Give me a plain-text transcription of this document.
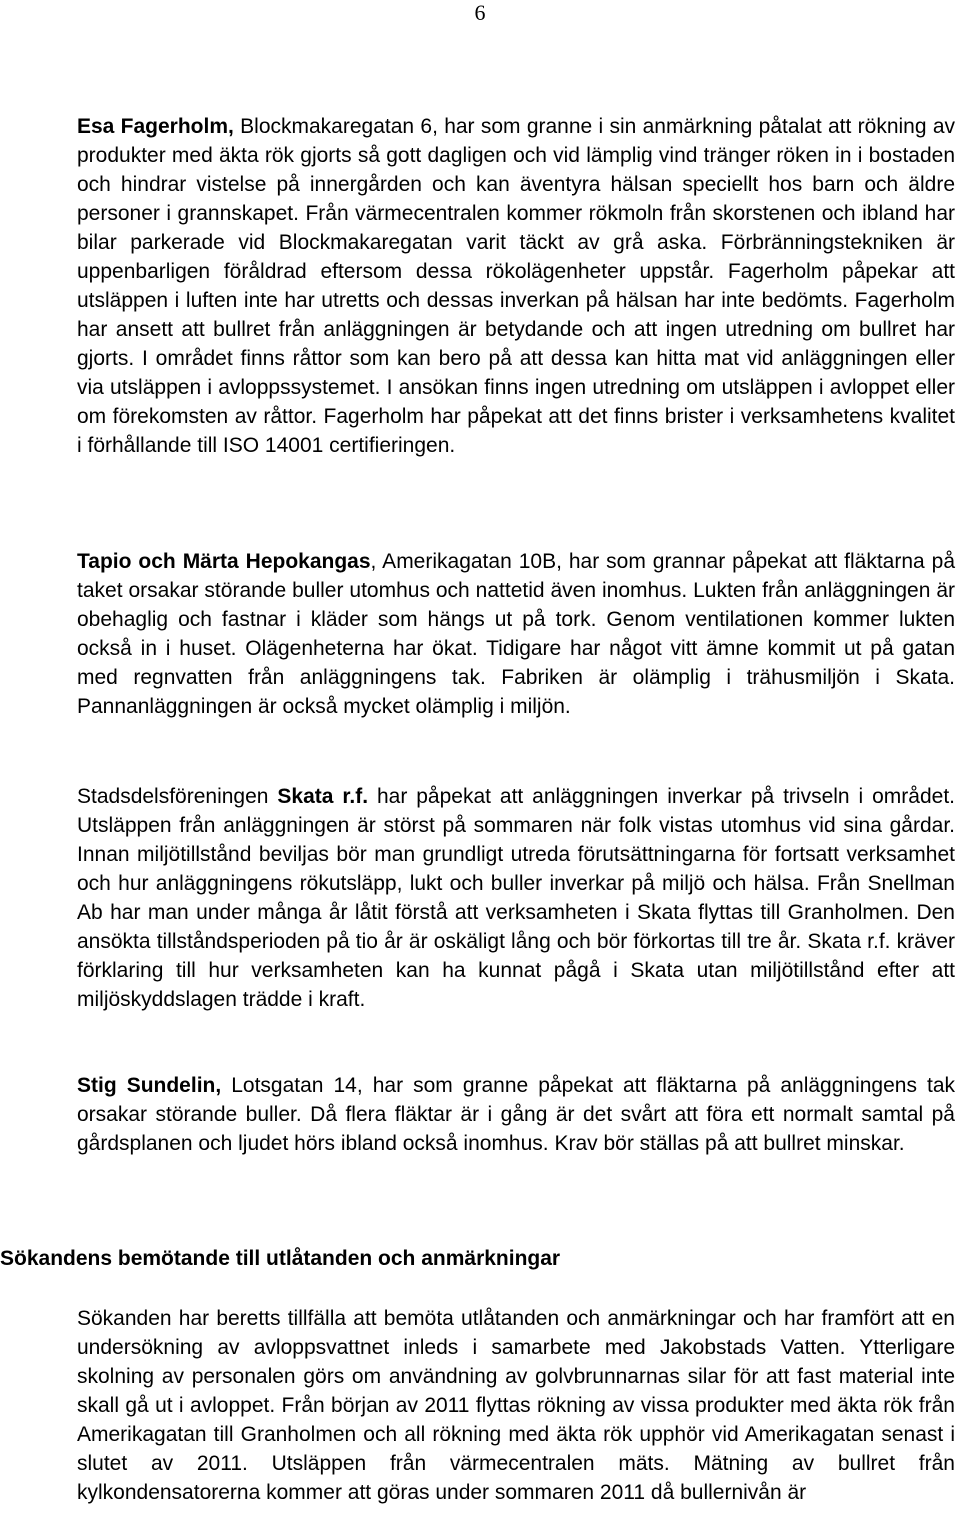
6

Esa Fagerholm, Blockmakaregatan 6, har som granne i sin anmärkning påtalat att rökning av produkter med äkta rök gjorts så gott dagligen och vid lämplig vind tränger röken in i bostaden och hindrar vistelse på innergården och kan äventyra hälsan speciellt hos barn och äldre personer i grannskapet. Från värmecentralen kommer rökmoln från skorstenen och ibland har bilar parkerade vid Blockmakaregatan varit täckt av grå aska. Förbränningstekniken är uppenbarligen föråldrad eftersom dessa rökolägenheter uppstår. Fagerholm påpekar att utsläppen i luften inte har utretts och dessas inverkan på hälsan har inte bedömts. Fagerholm har ansett att bullret från anläggningen är betydande och att ingen utredning om bullret har gjorts. I området finns råttor som kan bero på att dessa kan hitta mat vid anläggningen eller via utsläppen i avloppssystemet. I ansökan finns ingen utredning om utsläppen i avloppet eller om förekomsten av råttor. Fagerholm har påpekat att det finns brister i verksamhetens kvalitet i förhållande till ISO 14001 certifieringen.

Tapio och Märta Hepokangas, Amerikagatan 10B, har som grannar påpekat att fläktarna på taket orsakar störande buller utomhus och nattetid även inomhus. Lukten från anläggningen är obehaglig och fastnar i kläder som hängs ut på tork. Genom ventilationen kommer lukten också in i huset. Olägenheterna har ökat. Tidigare har något vitt ämne kommit ut på gatan med regnvatten från anläggningens tak. Fabriken är olämplig i trähusmiljön i Skata. Pannanläggningen är också mycket olämplig i miljön.

Stadsdelsföreningen Skata r.f. har påpekat att anläggningen inverkar på trivseln i området. Utsläppen från anläggningen är störst på sommaren när folk vistas utomhus vid sina gårdar. Innan miljötillstånd beviljas bör man grundligt utreda förutsättningarna för fortsatt verksamhet och hur anläggningens rökutsläpp, lukt och buller inverkar på miljö och hälsa. Från Snellman Ab har man under många år låtit förstå att verksamheten i Skata flyttas till Granholmen. Den ansökta tillståndsperioden på tio år är oskäligt lång och bör förkortas till tre år. Skata r.f. kräver förklaring till hur verksamheten kan ha kunnat pågå i Skata utan miljötillstånd efter att miljöskyddslagen trädde i kraft.

Stig Sundelin, Lotsgatan 14, har som granne påpekat att fläktarna på anläggningens tak orsakar störande buller. Då flera fläktar är i gång är det svårt att föra ett normalt samtal på gårdsplanen och ljudet hörs ibland också inomhus. Krav bör ställas på att bullret minskar.

Sökandens bemötande till utlåtanden och anmärkningar

Sökanden har beretts tillfälla att bemöta utlåtanden och anmärkningar och har framfört att en undersökning av avloppsvattnet inleds i samarbete med Jakobstads Vatten. Ytterligare skolning av personalen görs om användning av golvbrunnarnas silar för att fast material inte skall gå ut i avloppet. Från början av 2011 flyttas rökning av vissa produkter med äkta rök från Amerikagatan till Granholmen och all rökning med äkta rök upphör vid Amerikagatan senast i slutet av 2011. Utsläppen från värmecentralen mäts. Mätning av bullret från kylkondensatorerna kommer att göras under sommaren 2011 då bullernivån är
